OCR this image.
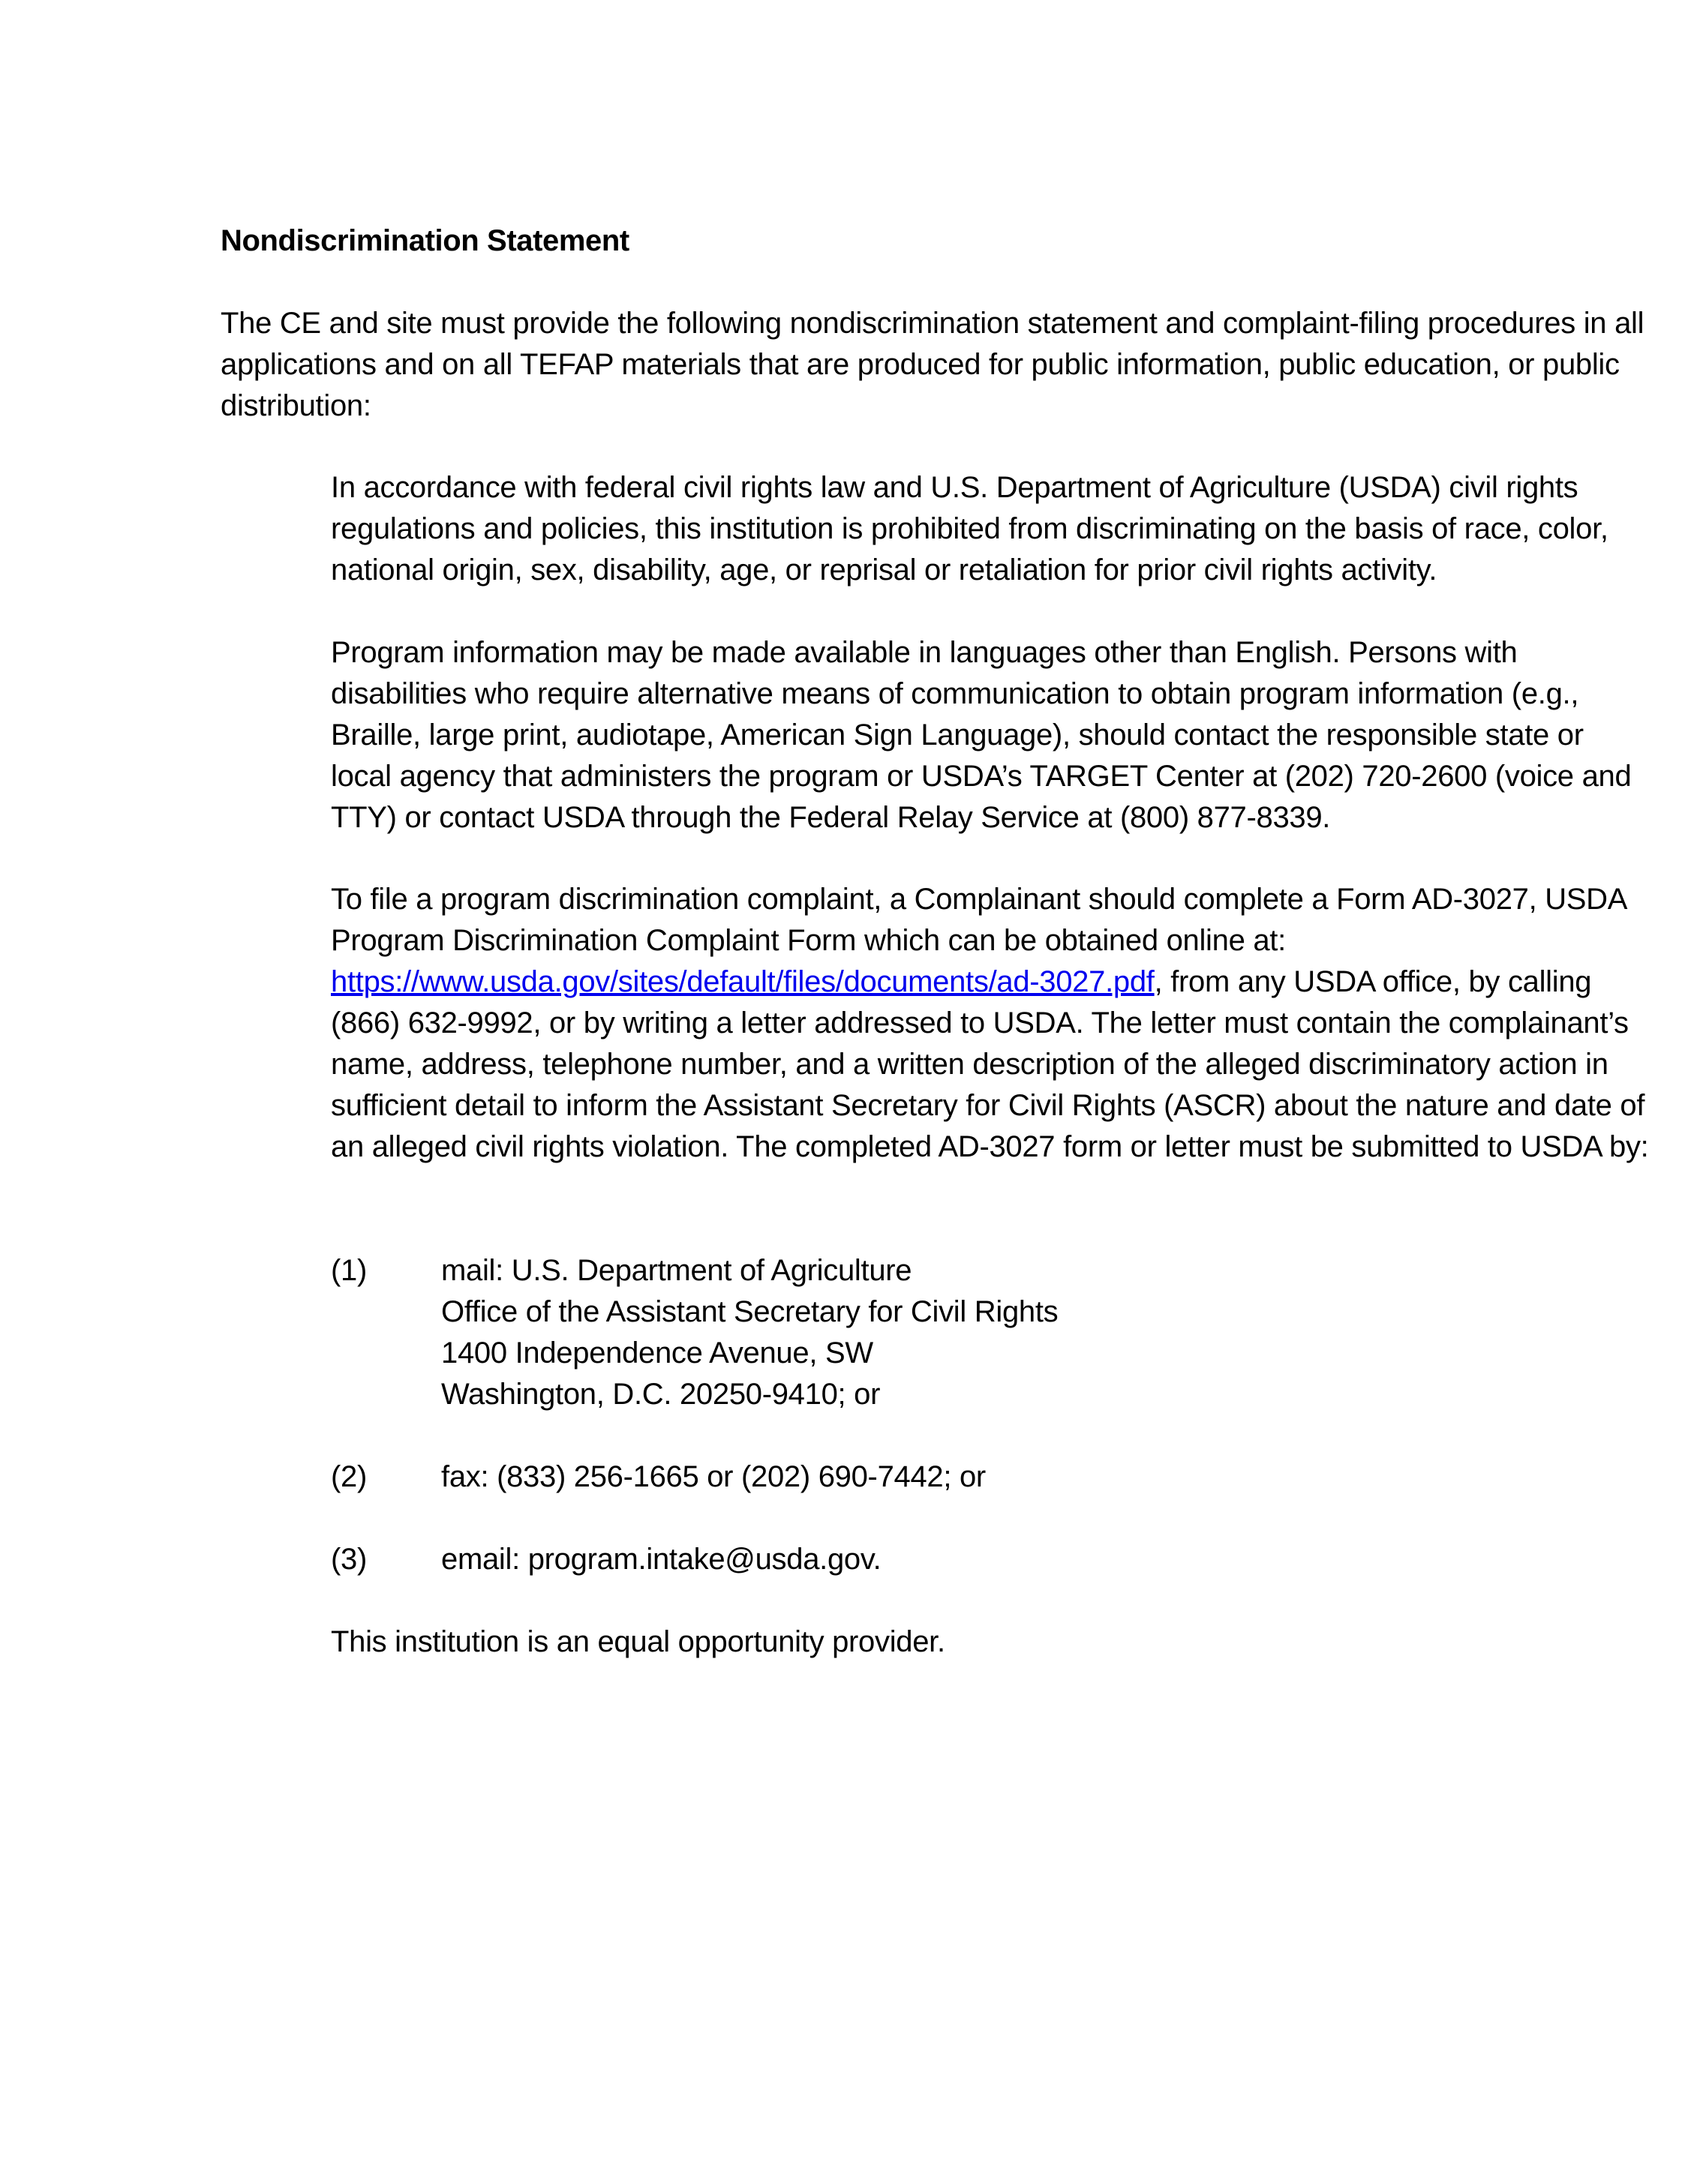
Nondiscrimination Statement

The CE and site must provide the following nondiscrimination statement and complaint-filing procedures in all applications and on all TEFAP materials that are produced for public information, public education, or public distribution:

In accordance with federal civil rights law and U.S. Department of Agriculture (USDA) civil rights regulations and policies, this institution is prohibited from discriminating on the basis of race, color, national origin, sex, disability, age, or reprisal or retaliation for prior civil rights activity.

Program information may be made available in languages other than English. Persons with disabilities who require alternative means of communication to obtain program information (e.g., Braille, large print, audiotape, American Sign Language), should contact the responsible state or local agency that administers the program or USDA’s TARGET Center at (202) 720-2600 (voice and TTY) or contact USDA through the Federal Relay Service at (800) 877-8339.

To file a program discrimination complaint, a Complainant should complete a Form AD-3027, USDA Program Discrimination Complaint Form which can be obtained online at: https://www.usda.gov/sites/default/files/documents/ad-3027.pdf, from any USDA office, by calling (866) 632-9992, or by writing a letter addressed to USDA. The letter must contain the complainant’s name, address, telephone number, and a written description of the alleged discriminatory action in sufficient detail to inform the Assistant Secretary for Civil Rights (ASCR) about the nature and date of an alleged civil rights violation. The completed AD-3027 form or letter must be submitted to USDA by:

(1) mail: U.S. Department of Agriculture
Office of the Assistant Secretary for Civil Rights
1400 Independence Avenue, SW
Washington, D.C. 20250-9410; or
(2) fax: (833) 256-1665 or (202) 690-7442; or
(3) email: program.intake@usda.gov.

This institution is an equal opportunity provider.
